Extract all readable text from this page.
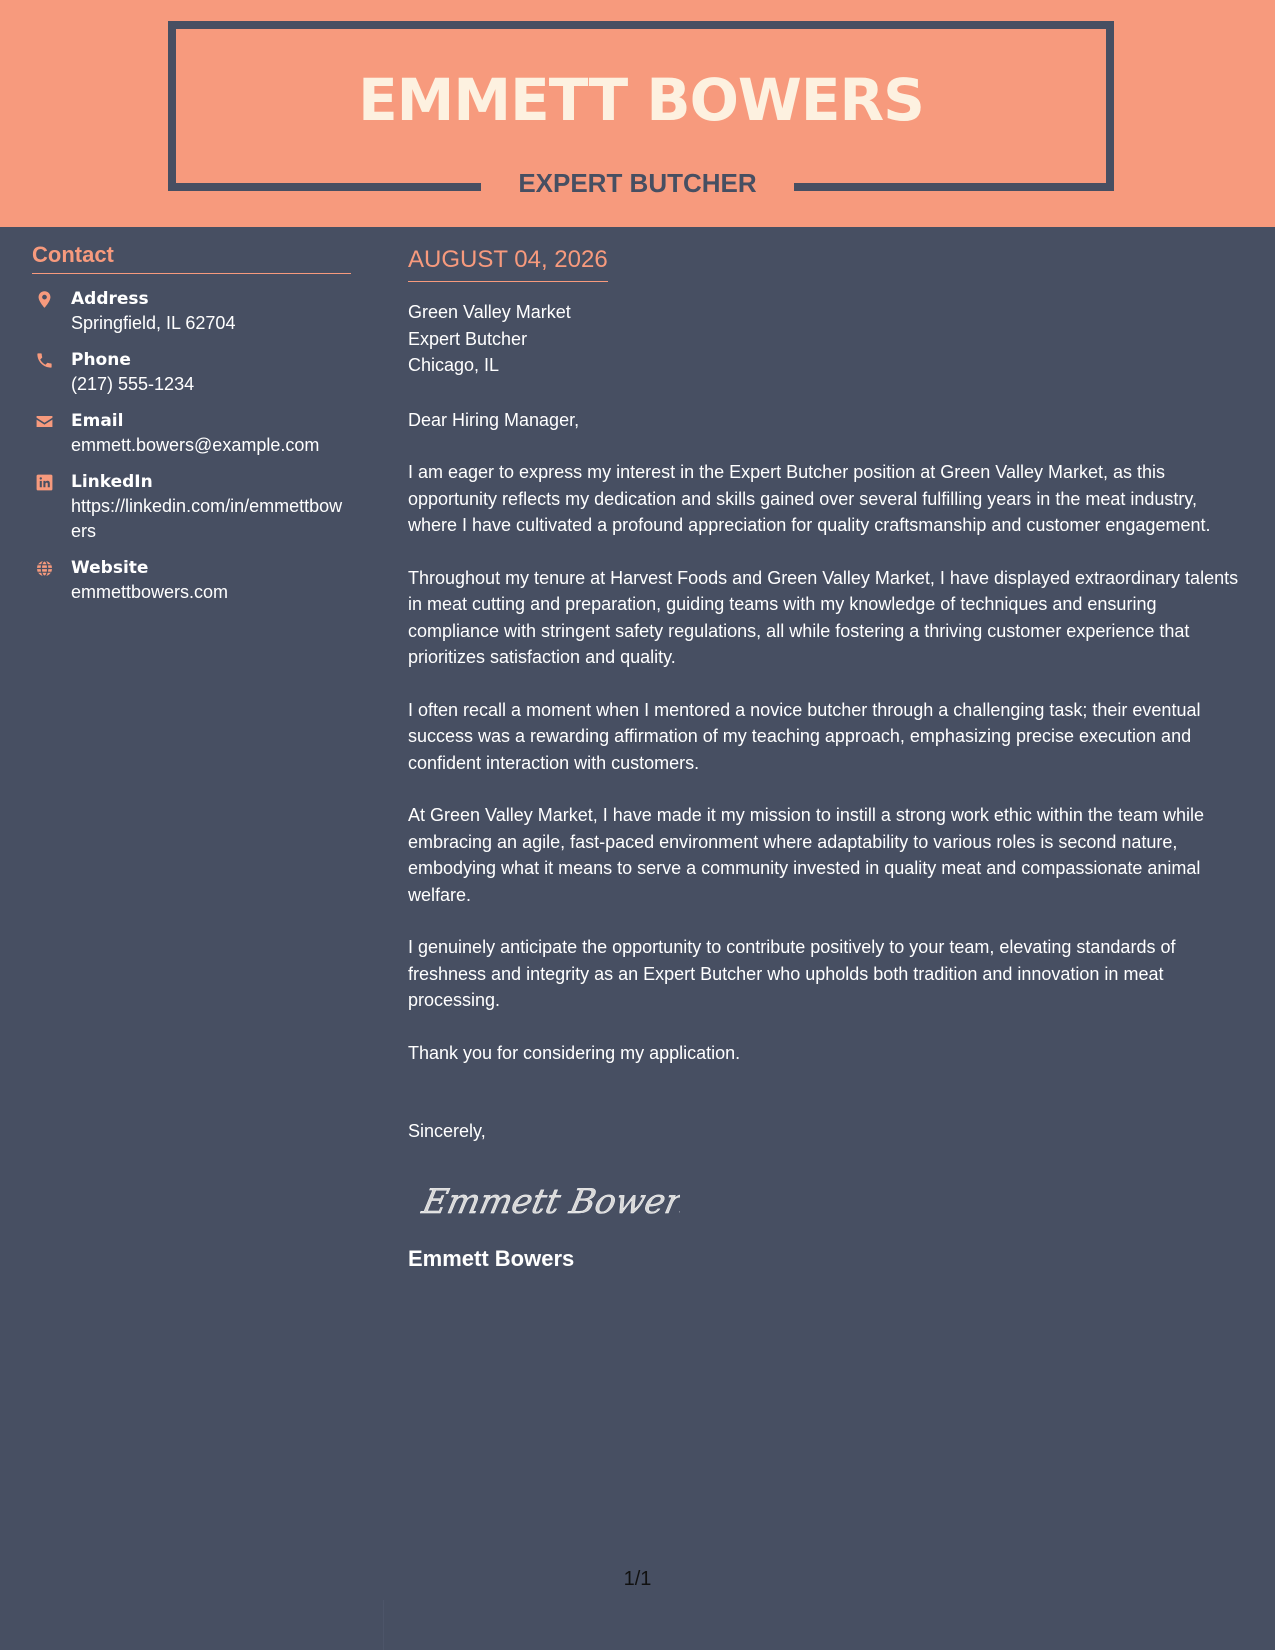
EMMETT BOWERS
EXPERT BUTCHER
Contact
Address
Springfield, IL 62704
Phone
(217) 555-1234
Email
emmett.bowers@example.com
LinkedIn
https://linkedin.com/in/emmettbowers
Website
emmettbowers.com
AUGUST 04, 2026
Green Valley Market
Expert Butcher
Chicago, IL
Dear Hiring Manager,
I am eager to express my interest in the Expert Butcher position at Green Valley Market, as this opportunity reflects my dedication and skills gained over several fulfilling years in the meat industry, where I have cultivated a profound appreciation for quality craftsmanship and customer engagement.
Throughout my tenure at Harvest Foods and Green Valley Market, I have displayed extraordinary talents in meat cutting and preparation, guiding teams with my knowledge of techniques and ensuring compliance with stringent safety regulations, all while fostering a thriving customer experience that prioritizes satisfaction and quality.
I often recall a moment when I mentored a novice butcher through a challenging task; their eventual success was a rewarding affirmation of my teaching approach, emphasizing precise execution and confident interaction with customers.
At Green Valley Market, I have made it my mission to instill a strong work ethic within the team while embracing an agile, fast-paced environment where adaptability to various roles is second nature, embodying what it means to serve a community invested in quality meat and compassionate animal welfare.
I genuinely anticipate the opportunity to contribute positively to your team, elevating standards of freshness and integrity as an Expert Butcher who upholds both tradition and innovation in meat processing.
Thank you for considering my application.
Sincerely,
Emmett Bowers
Emmett Bowers
1/1
